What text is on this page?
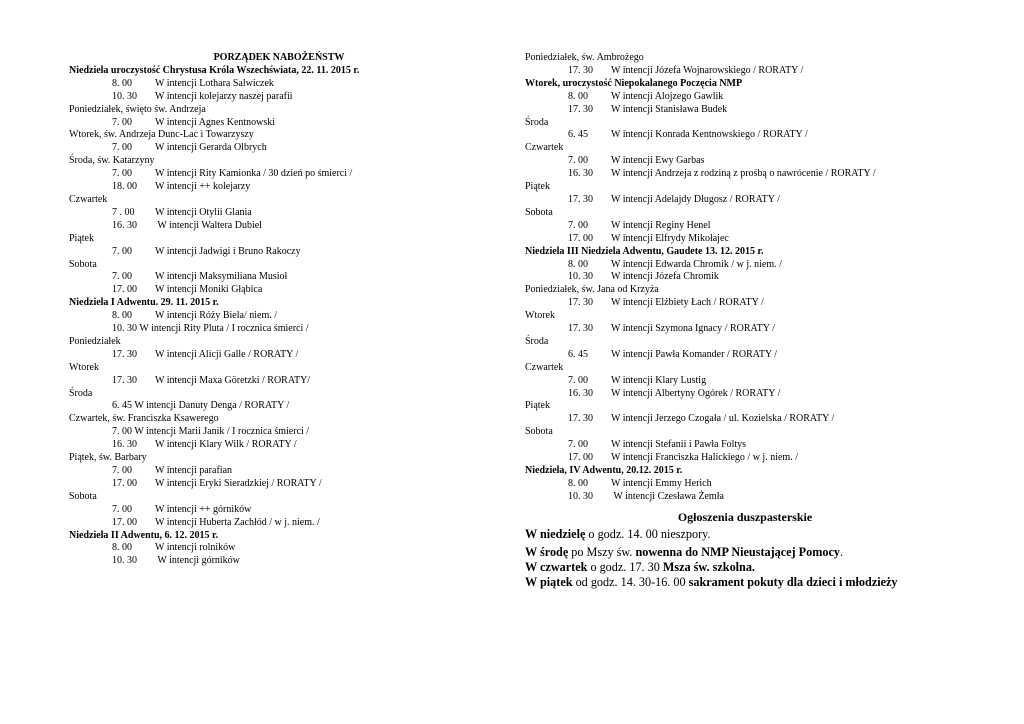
PORZĄDEK NABOŻEŃSTW
Niedziela uroczystość Chrystusa Króla Wszechświata, 22. 11. 2015 r.
8. 00 W intencji Lothara Salwiczek
10. 30 W intencji kolejarzy naszej parafii
Poniedziałek, święto św. Andrzeja
7. 00 W intencji Agnes Kentnowski
Wtorek, św. Andrzeja Dunc-Lac i Towarzyszy
7. 00 W intencji Gerarda Olbrych
Środa, św. Katarzyny
7. 00 W intencji Rity Kamionka / 30 dzień po śmierci /
18. 00 W intencji ++ kolejarzy
Czwartek
7 . 00 W intencji Otylii Glania
16. 30 W intencji Waltera Dubiel
Piątek
7. 00 W intencji Jadwigi i Bruno Rakoczy
Sobota
7. 00 W intencji Maksymiliana Musioł
17. 00 W intencji Moniki Głąbica
Niedziela I Adwentu. 29. 11. 2015 r.
8. 00 W intencji Róży Biela/ niem. /
10. 30 W intencji Rity Pluta / I rocznica śmierci /
Poniedziałek
17. 30 W intencji Alicji Galle / RORATY /
Wtorek
17. 30 W intencji Maxa Göretzki / RORATY/
Środa
6. 45 W intencji Danuty Denga / RORATY /
Czwartek, św. Franciszka Ksawerego
7. 00 W intencji Marii Janik / I rocznica śmierci /
16. 30 W intencji Klary Wilk / RORATY /
Piątek, św. Barbary
7. 00 W intencji parafian
17. 00 W intencji Eryki Sieradzkiej / RORATY /
Sobota
7. 00 W intencji ++ górników
17. 00 W intencji Huberta Zachłód / w j. niem. /
Niedziela II Adwentu, 6. 12. 2015 r.
8. 00 W intencji rolników
10. 30 W intencji górników
Poniedziałek, św. Ambrożego
17. 30 W intencji Józefa Wojnarowskiego / RORATY /
Wtorek, uroczystość Niepokalanego Poczęcia NMP
8. 00 W intencji Alojzego Gawlik
17. 30 W intencji Stanisława Budek
Środa
6. 45 W intencji Konrada Kentnowskiego / RORATY /
Czwartek
7. 00 W intencji Ewy Garbas
16. 30 W intencji Andrzeja z rodziną z prośbą o nawrócenie / RORATY /
Piątek
17. 30 W intencji Adelajdy Długosz / RORATY /
Sobota
7. 00 W intencji Reginy Henel
17. 00 W intencji Elfrydy Mikołajec
Niedziela III Niedziela Adwentu, Gaudete 13. 12. 2015 r.
8. 00 W intencji Edwarda Chromik / w j. niem. /
10. 30 W intencji Józefa Chromik
Poniedziałek, św. Jana od Krzyża
17. 30 W intencji Elżbiety Łach / RORATY /
Wtorek
17. 30 W intencji Szymona Ignacy / RORATY /
Środa
6. 45 W intencji Pawła Komander / RORATY /
Czwartek
7. 00 W intencji Klary Lustig
16. 30 W intencji Albertyny Ogórek / RORATY /
Piątek
17. 30 W intencji Jerzego Czogała / ul. Kozielska / RORATY /
Sobota
7. 00 W intencji Stefanii i Pawła Foltys
17. 00 W intencji Franciszka Halickiego / w j. niem. /
Niedziela, IV Adwentu, 20.12. 2015 r.
8. 00 W intencji Emmy Herich
10. 30 W intencji Czesława Żemła
Ogłoszenia duszpasterskie
W niedzielę o godz. 14. 00 nieszpory.
W środę po Mszy św. nowenna do NMP Nieustającej Pomocy.
W czwartek o godz. 17. 30 Msza św. szkolna.
W piątek od godz. 14. 30-16. 00 sakrament pokuty dla dzieci i młodzieży
